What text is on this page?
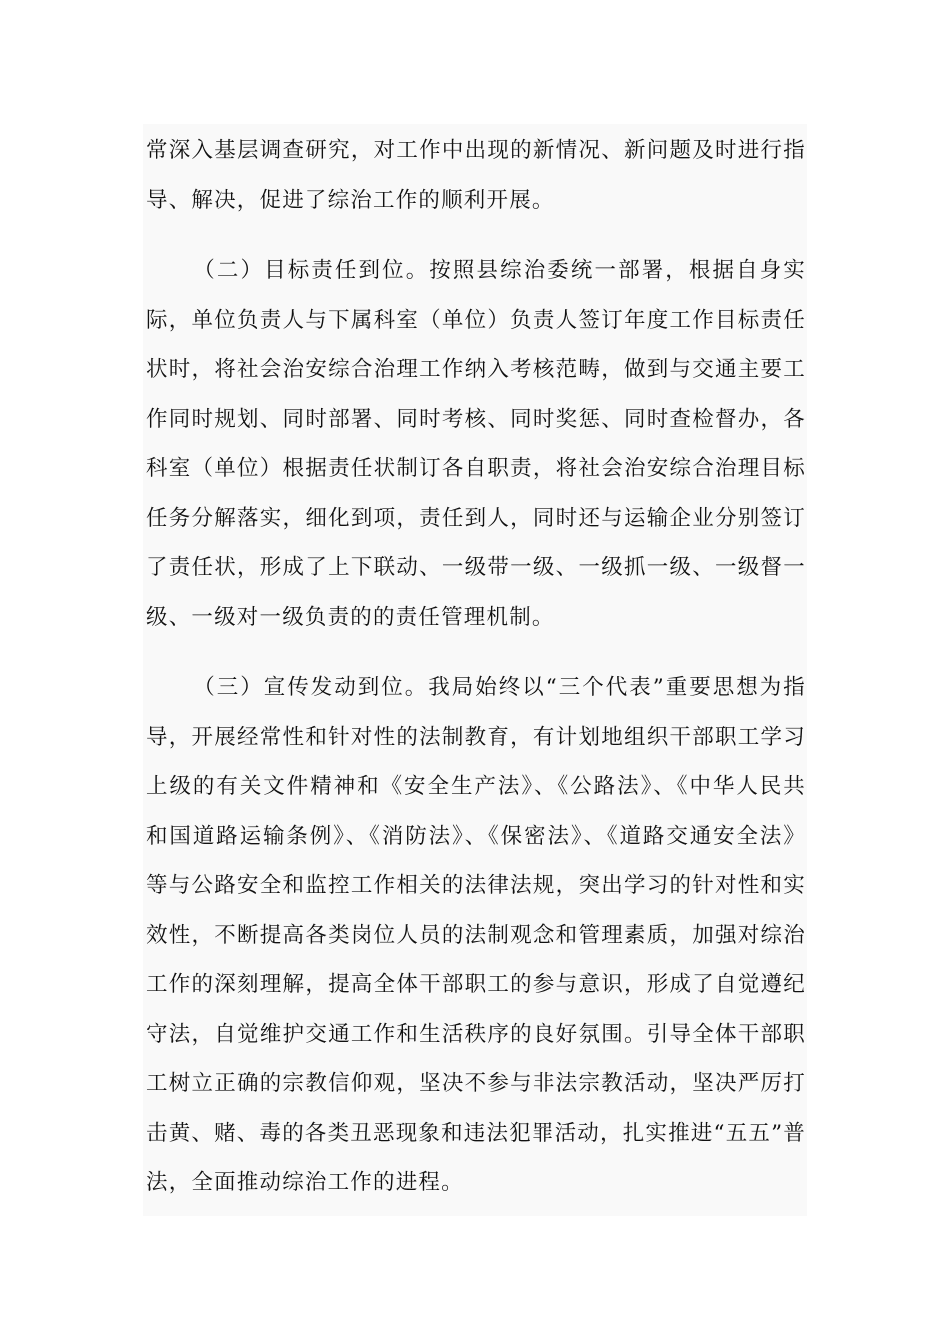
常深入基层调查研究，对工作中出现的新情况、新问题及时进行指导、解决，促进了综治工作的顺利开展。

（二）目标责任到位。按照县综治委统一部署，根据自身实际，单位负责人与下属科室（单位）负责人签订年度工作目标责任状时，将社会治安综合治理工作纳入考核范畴，做到与交通主要工作同时规划、同时部署、同时考核、同时奖惩、同时查检督办，各科室（单位）根据责任状制订各自职责，将社会治安综合治理目标任务分解落实，细化到项，责任到人，同时还与运输企业分别签订了责任状，形成了上下联动、一级带一级、一级抓一级、一级督一级、一级对一级负责的的责任管理机制。

（三）宣传发动到位。我局始终以“三个代表”重要思想为指导，开展经常性和针对性的法制教育，有计划地组织干部职工学习上级的有关文件精神和《安全生产法》、《公路法》、《中华人民共和国道路运输条例》、《消防法》、《保密法》、《道路交通安全法》等与公路安全和监控工作相关的法律法规，突出学习的针对性和实效性，不断提高各类岗位人员的法制观念和管理素质，加强对综治工作的深刻理解，提高全体干部职工的参与意识，形成了自觉遵纪守法，自觉维护交通工作和生活秩序的良好氛围。引导全体干部职工树立正确的宗教信仰观，坚决不参与非法宗教活动，坚决严厉打击黄、赌、毒的各类丑恶现象和违法犯罪活动，扎实推进“五五”普法，全面推动综治工作的进程。
